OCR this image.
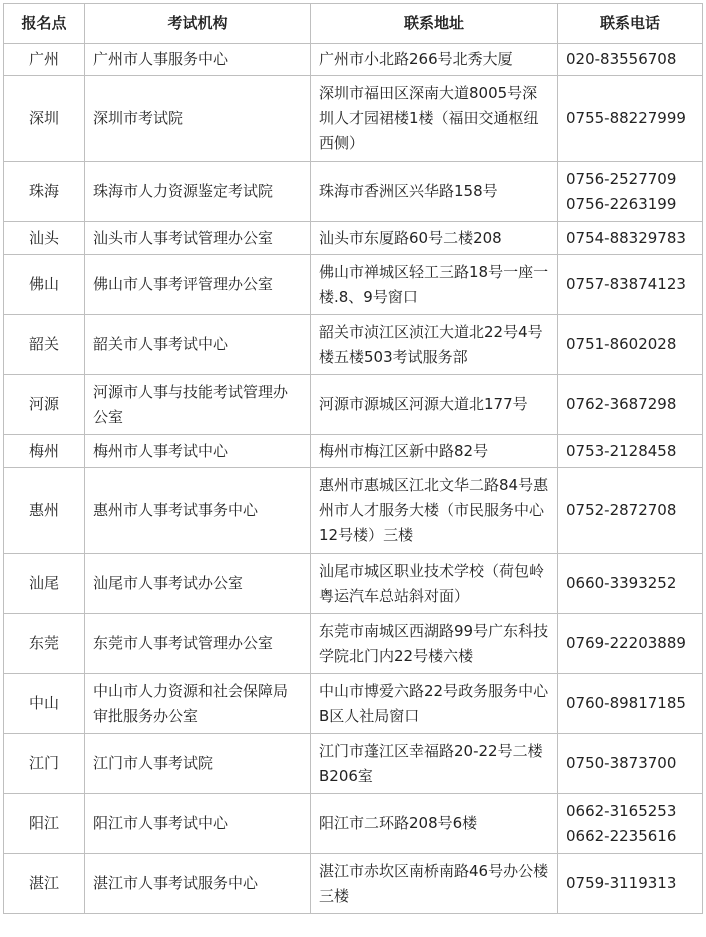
报名点	考试机构	联系地址	联系电话
广州	广州市人事服务中心	广州市小北路266号北秀大厦	020-83556708

深圳	深圳市考试院	深圳市福田区深南大道8005号深圳人才园裙楼1楼（福田交通枢纽西侧）	0755-88227999

珠海	珠海市人力资源鉴定考试院	珠海市香洲区兴华路158号	0756-2527709
0756-2263199

汕头	汕头市人事考试管理办公室	汕头市东厦路60号二楼208	0754-88329783

佛山	佛山市人事考评管理办公室	佛山市禅城区轻工三路18号一座一楼.8、9号窗口	0757-83874123

韶关	韶关市人事考试中心	韶关市浈江区浈江大道北22号4号楼五楼503考试服务部	0751-8602028

河源	河源市人事与技能考试管理办公室	河源市源城区河源大道北177号	0762-3687298

梅州	梅州市人事考试中心	梅州市梅江区新中路82号	0753-2128458

惠州	惠州市人事考试事务中心	惠州市惠城区江北文华二路84号惠州市人才服务大楼（市民服务中心12号楼）三楼	0752-2872708

汕尾	汕尾市人事考试办公室	汕尾市城区职业技术学校（荷包岭粤运汽车总站斜对面）	0660-3393252

东莞	东莞市人事考试管理办公室	东莞市南城区西湖路99号广东科技学院北门内22号楼六楼	0769-22203889

中山	中山市人力资源和社会保障局审批服务办公室	中山市博爱六路22号政务服务中心B区人社局窗口	0760-89817185

江门	江门市人事考试院	江门市蓬江区幸福路20-22号二楼B206室	0750-3873700

阳江	阳江市人事考试中心	阳江市二环路208号6楼	0662-3165253
0662-2235616

湛江	湛江市人事考试服务中心	湛江市赤坎区南桥南路46号办公楼三楼	0759-3119313
